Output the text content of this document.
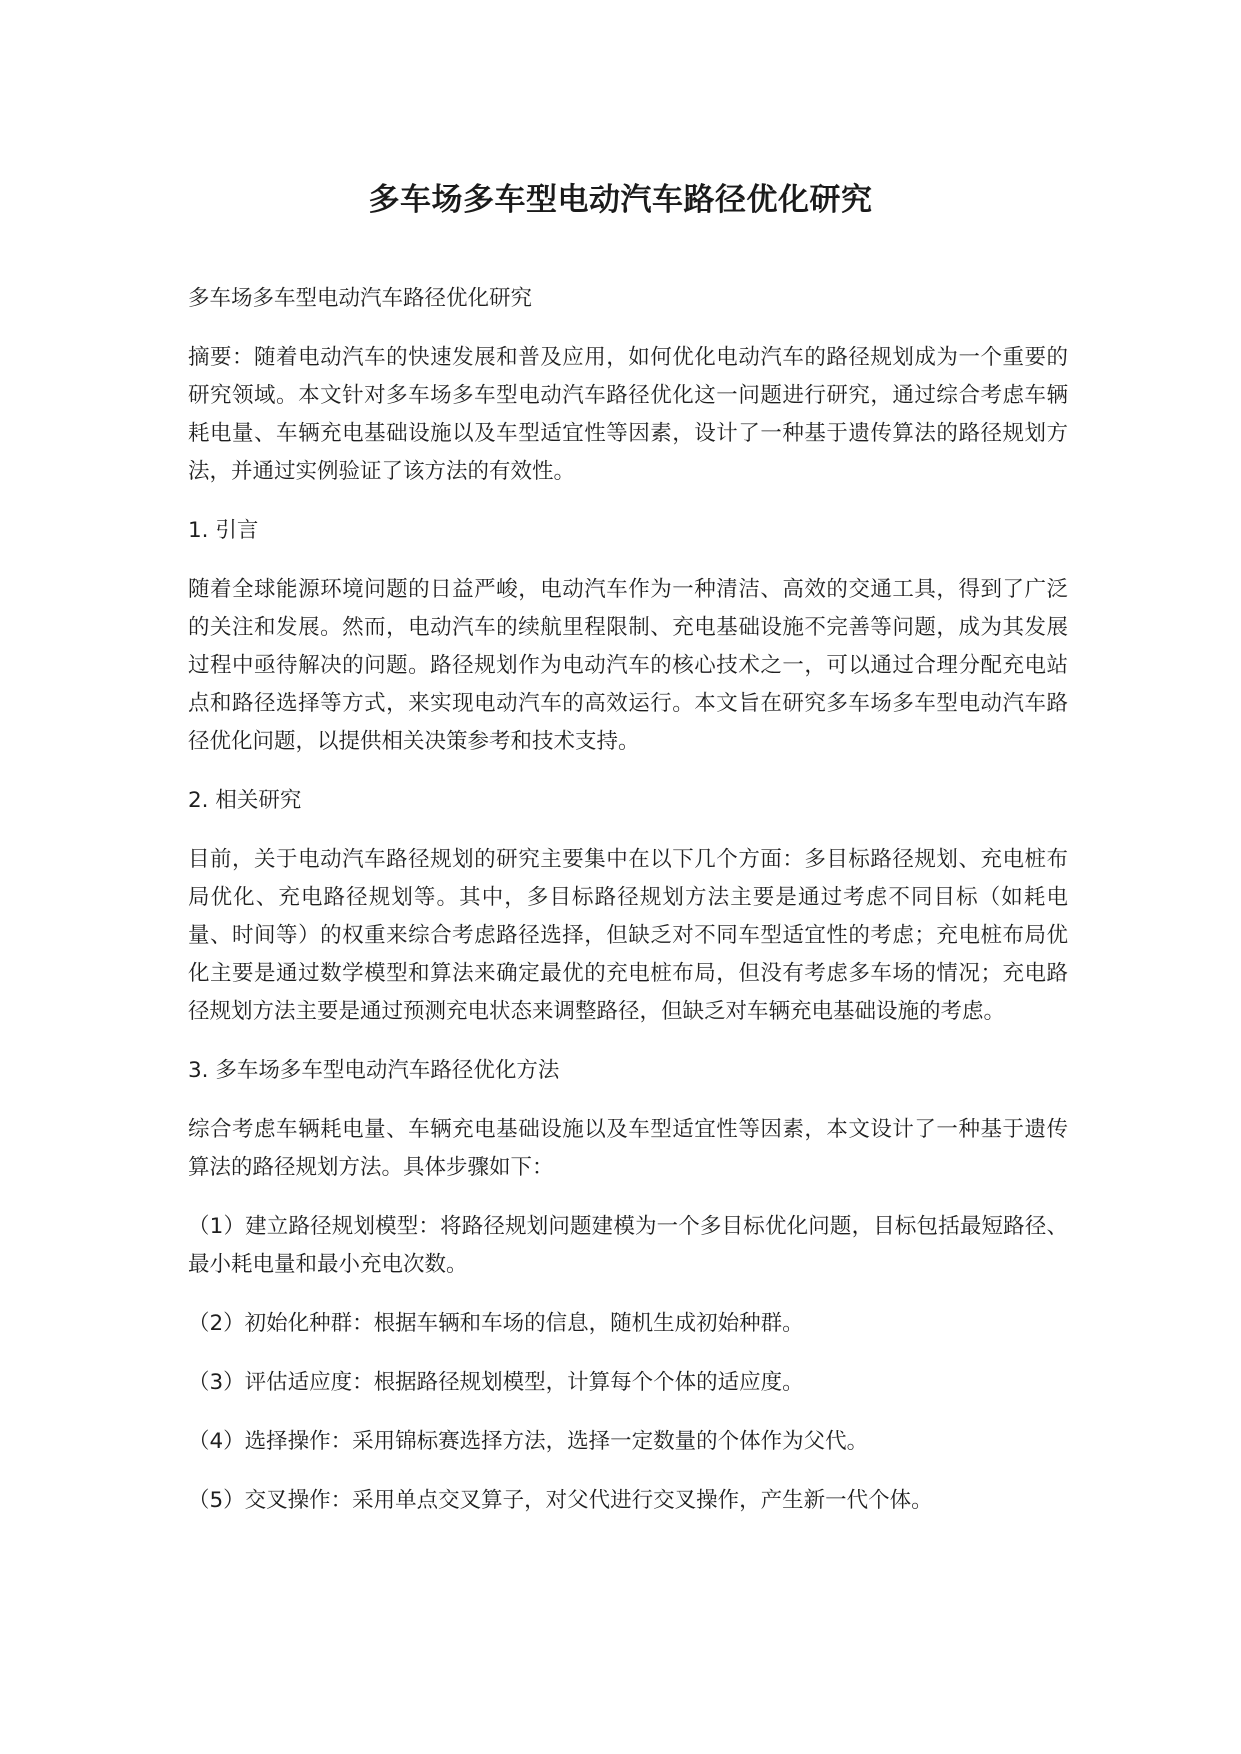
多车场多车型电动汽车路径优化研究

多车场多车型电动汽车路径优化研究

摘要：随着电动汽车的快速发展和普及应用，如何优化电动汽车的路径规划成为一个重要的研究领域。本文针对多车场多车型电动汽车路径优化这一问题进行研究，通过综合考虑车辆耗电量、车辆充电基础设施以及车型适宜性等因素，设计了一种基于遗传算法的路径规划方法，并通过实例验证了该方法的有效性。

1. 引言

随着全球能源环境问题的日益严峻，电动汽车作为一种清洁、高效的交通工具，得到了广泛的关注和发展。然而，电动汽车的续航里程限制、充电基础设施不完善等问题，成为其发展过程中亟待解决的问题。路径规划作为电动汽车的核心技术之一，可以通过合理分配充电站点和路径选择等方式，来实现电动汽车的高效运行。本文旨在研究多车场多车型电动汽车路径优化问题，以提供相关决策参考和技术支持。

2. 相关研究

目前，关于电动汽车路径规划的研究主要集中在以下几个方面：多目标路径规划、充电桩布局优化、充电路径规划等。其中，多目标路径规划方法主要是通过考虑不同目标（如耗电量、时间等）的权重来综合考虑路径选择，但缺乏对不同车型适宜性的考虑；充电桩布局优化主要是通过数学模型和算法来确定最优的充电桩布局，但没有考虑多车场的情况；充电路径规划方法主要是通过预测充电状态来调整路径，但缺乏对车辆充电基础设施的考虑。

3. 多车场多车型电动汽车路径优化方法

综合考虑车辆耗电量、车辆充电基础设施以及车型适宜性等因素，本文设计了一种基于遗传算法的路径规划方法。具体步骤如下：

（1）建立路径规划模型：将路径规划问题建模为一个多目标优化问题，目标包括最短路径、最小耗电量和最小充电次数。

（2）初始化种群：根据车辆和车场的信息，随机生成初始种群。

（3）评估适应度：根据路径规划模型，计算每个个体的适应度。

（4）选择操作：采用锦标赛选择方法，选择一定数量的个体作为父代。

（5）交叉操作：采用单点交叉算子，对父代进行交叉操作，产生新一代个体。
